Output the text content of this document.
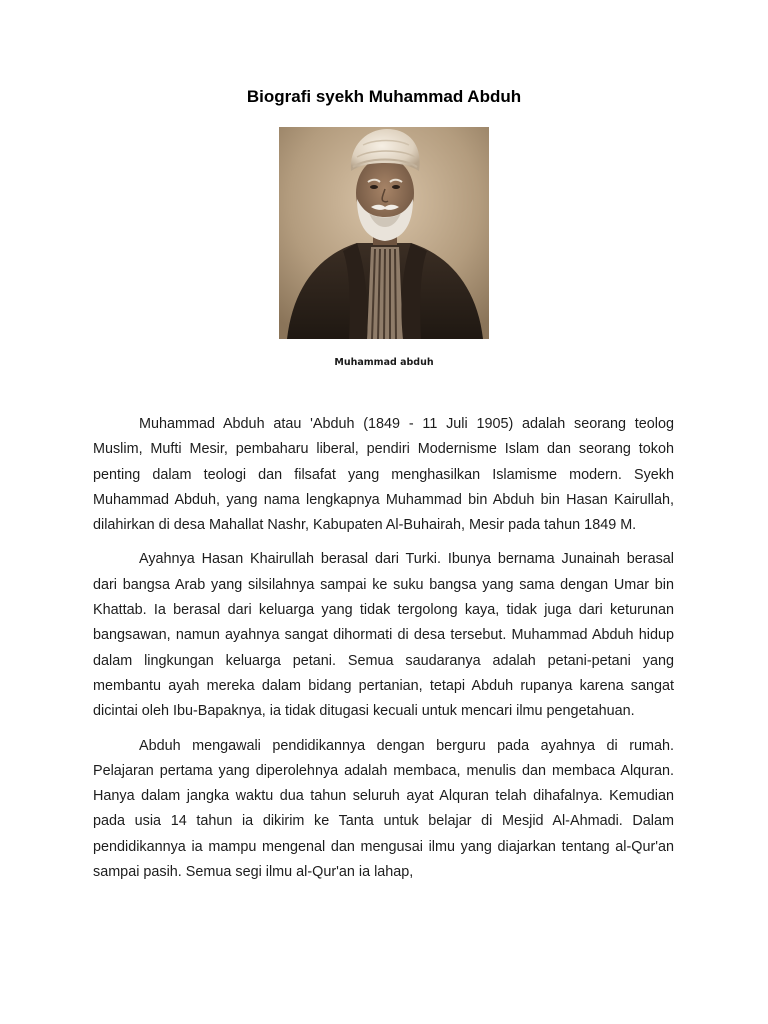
Biografi syekh Muhammad Abduh
Muhammad abduh

Muhammad Abduh atau 'Abduh (1849 - 11 Juli 1905) adalah seorang teolog Muslim, Mufti Mesir, pembaharu liberal, pendiri Modernisme Islam dan seorang tokoh penting dalam teologi dan filsafat yang menghasilkan Islamisme modern. Syekh Muhammad Abduh, yang nama lengkapnya Muhammad bin Abduh bin Hasan Kairullah, dilahirkan di desa Mahallat Nashr, Kabupaten Al-Buhairah, Mesir pada tahun 1849 M.

Ayahnya Hasan Khairullah berasal dari Turki. Ibunya bernama Junainah berasal dari bangsa Arab yang silsilahnya sampai ke suku bangsa yang sama dengan Umar bin Khattab. Ia berasal dari keluarga yang tidak tergolong kaya, tidak juga dari keturunan bangsawan, namun ayahnya sangat dihormati di desa tersebut. Muhammad Abduh hidup dalam lingkungan keluarga petani. Semua saudaranya adalah petani-petani yang membantu ayah mereka dalam bidang pertanian, tetapi Abduh rupanya karena sangat dicintai oleh Ibu-Bapaknya, ia tidak ditugasi kecuali untuk mencari ilmu pengetahuan.

Abduh mengawali pendidikannya dengan berguru pada ayahnya di rumah. Pelajaran pertama yang diperolehnya adalah membaca, menulis dan membaca Alquran. Hanya dalam jangka waktu dua tahun seluruh ayat Alquran telah dihafalnya. Kemudian pada usia 14 tahun ia dikirim ke Tanta untuk belajar di Mesjid Al-Ahmadi. Dalam pendidikannya ia mampu mengenal dan mengusai ilmu yang diajarkan tentang al-Qur'an sampai pasih. Semua segi ilmu al-Qur'an ia lahap,
